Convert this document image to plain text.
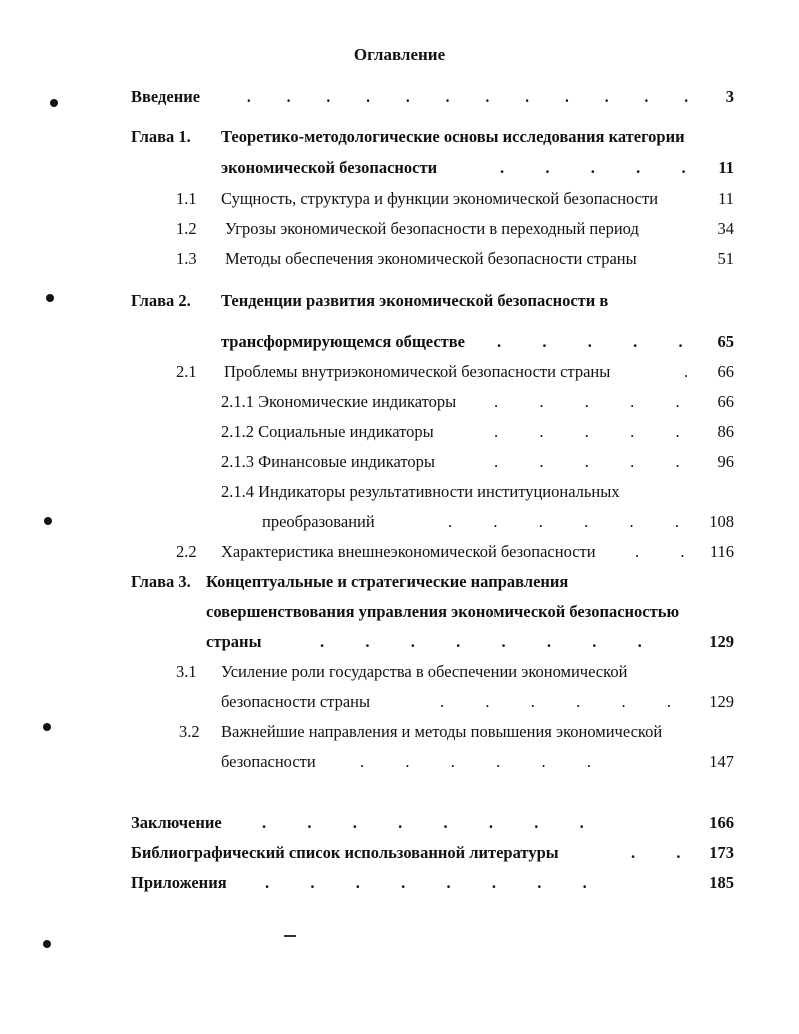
Оглавление
Введение	.          .          .          .          .          .          .          .          .          .          .          .	3
Глава 1. Теоретико-методологические основы исследования категории
экономической безопасности	.          .          .          .          .	11
1.1 Сущность, структура и функции экономической безопасности	11
1.2 Угрозы экономической безопасности в переходный период	34
1.3 Методы обеспечения экономической безопасности страны	51
Глава 2. Тенденции развития экономической безопасности в
трансформирующемся обществе .          .          .          .          .	65
2.1 Проблемы внутриэкономической безопасности страны	.	66
2.1.1 Экономические индикаторы .          .          .          .          .	66
2.1.2 Социальные индикаторы	.          .          .          .          .	86
2.1.3 Финансовые индикаторы	.          .          .          .          .	96
2.1.4 Индикаторы результативности институциональных
преобразований	.          .          .          .          .          .	108
2.2 Характеристика внешнеэкономической безопасности .          .	116
Глава 3. Концептуальные и стратегические направления
совершенствования управления экономической безопасностью
страны	.          .          .          .          .          .          .          .	129
3.1 Усиление роли государства в обеспечении экономической
безопасности страны	.          .          .          .          .          .	129
3.2 Важнейшие направления и методы повышения экономической
безопасности	.          .          .          .          .          .	147
Заключение .          .          .          .          .          .          .          .	166
Библиографический список использованной литературы	.          .	173
Приложения .          .          .          .          .          .          .          .	185
